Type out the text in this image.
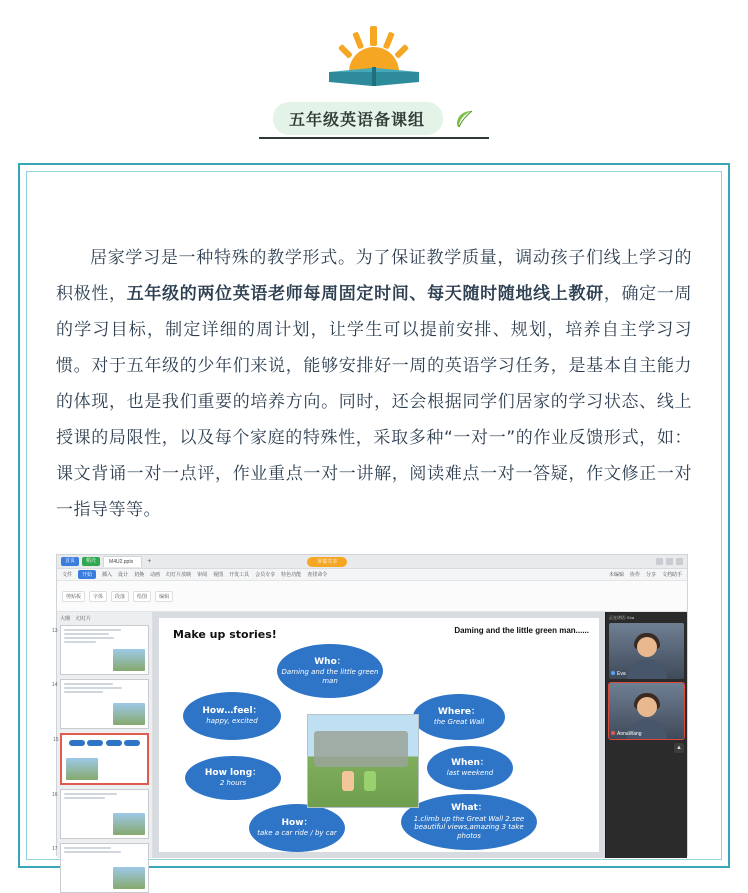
五年级英语备课组

居家学习是一种特殊的教学形式。为了保证教学质量，调动孩子们线上学习的积极性，五年级的两位英语老师每周固定时间、每天随时随地线上教研，确定一周的学习目标，制定详细的周计划，让学生可以提前安排、规划，培养自主学习习惯。对于五年级的少年们来说，能够安排好一周的英语学习任务，是基本自主能力的体现，也是我们重要的培养方向。同时，还会根据同学们居家的学习状态、线上授课的局限性，以及每个家庭的特殊性，采取多种“一对一”的作业反馈形式，如：课文背诵一对一点评，作业重点一对一讲解，阅读难点一对一答疑，作文修正一对一指导等等。

首页	稻壳	M4U2.pptx	+	屏幕共享
文件	开始	插入 设计 切换 动画 幻灯片放映 审阅 视图 开发工具 会员专享 特色功能 查找命令	未编辑 协作 分享 文档助手
剪贴板	字体	段落	绘图	编辑
大纲 幻灯片
13
14
15

16
17
Make up stories!	Daming and the little green man......
Who：
Daming and the little green man
Where：
the Great Wall
How…feel：
happy, excited
When：
last weekend
How long：
2 hours
What：
1.climb up the Great Wall 2.see beautiful views,amazing 3 take photos
How：
take a car ride / by car
正在讲话: Eva
Eva
AnnaWang
▲
